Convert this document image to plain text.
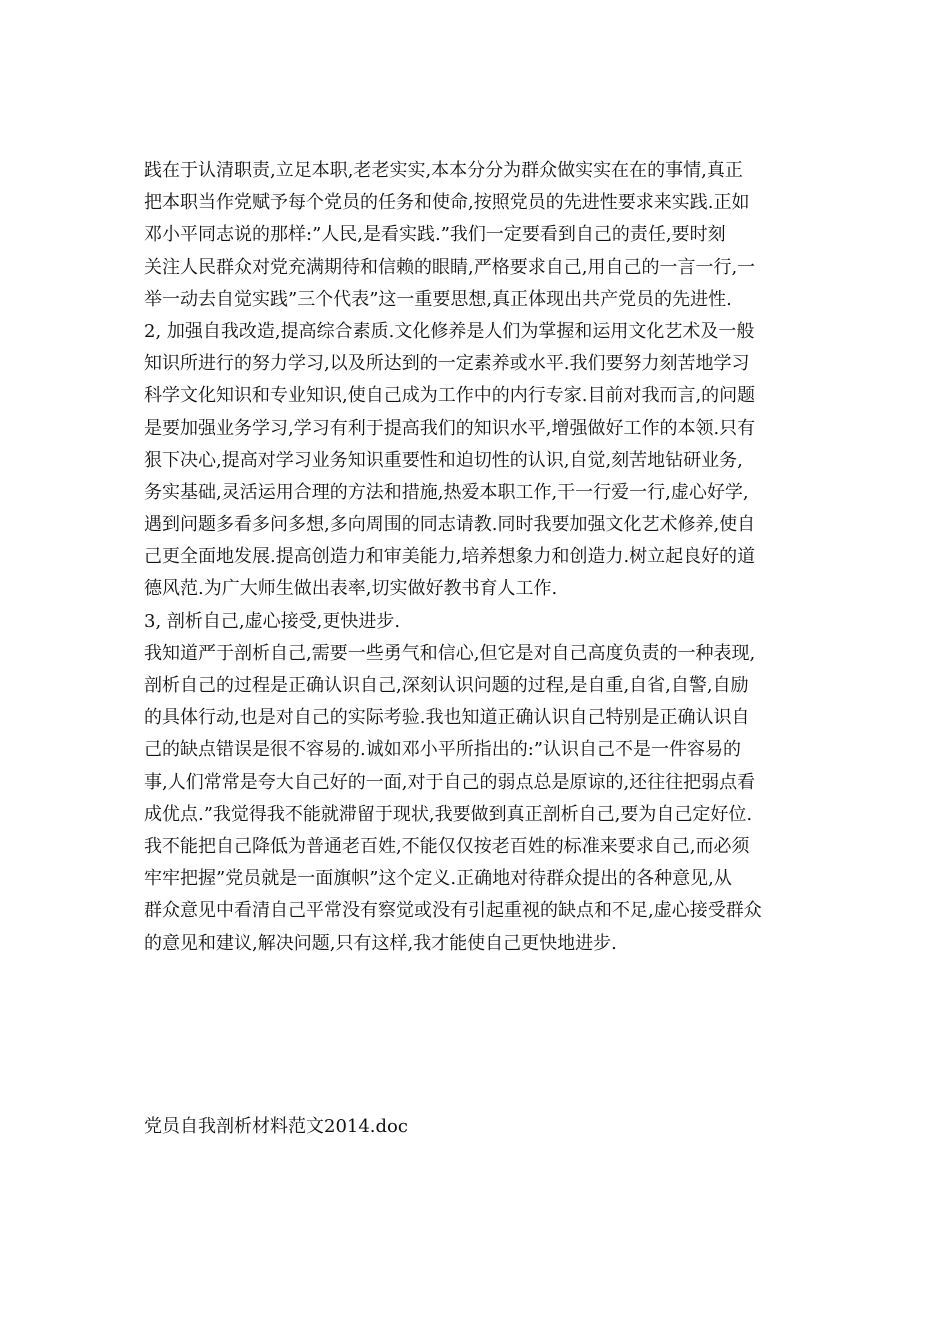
践在于认清职责,立足本职,老老实实,本本分分为群众做实实在在的事情,真正
把本职当作党赋予每个党员的任务和使命,按照党员的先进性要求来实践.正如
邓小平同志说的那样:”人民,是看实践.”我们一定要看到自己的责任,要时刻
关注人民群众对党充满期待和信赖的眼睛,严格要求自己,用自己的一言一行,一
举一动去自觉实践”三个代表”这一重要思想,真正体现出共产党员的先进性.
2, 加强自我改造,提高综合素质.文化修养是人们为掌握和运用文化艺术及一般
知识所进行的努力学习,以及所达到的一定素养或水平.我们要努力刻苦地学习
科学文化知识和专业知识,使自己成为工作中的内行专家.目前对我而言,的问题
是要加强业务学习,学习有利于提高我们的知识水平,增强做好工作的本领.只有
狠下决心,提高对学习业务知识重要性和迫切性的认识,自觉,刻苦地钻研业务,
务实基础,灵活运用合理的方法和措施,热爱本职工作,干一行爱一行,虚心好学,
遇到问题多看多问多想,多向周围的同志请教.同时我要加强文化艺术修养,使自
己更全面地发展.提高创造力和审美能力,培养想象力和创造力.树立起良好的道
德风范.为广大师生做出表率,切实做好教书育人工作.
3, 剖析自己,虚心接受,更快进步.
我知道严于剖析自己,需要一些勇气和信心,但它是对自己高度负责的一种表现,
剖析自己的过程是正确认识自己,深刻认识问题的过程,是自重,自省,自警,自励
的具体行动,也是对自己的实际考验.我也知道正确认识自己特别是正确认识自
己的缺点错误是很不容易的.诚如邓小平所指出的:”认识自己不是一件容易的
事,人们常常是夸大自己好的一面,对于自己的弱点总是原谅的,还往往把弱点看
成优点.”我觉得我不能就滞留于现状,我要做到真正剖析自己,要为自己定好位.
我不能把自己降低为普通老百姓,不能仅仅按老百姓的标准来要求自己,而必须
牢牢把握”党员就是一面旗帜”这个定义.正确地对待群众提出的各种意见,从
群众意见中看清自己平常没有察觉或没有引起重视的缺点和不足,虚心接受群众
的意见和建议,解决问题,只有这样,我才能使自己更快地进步.
党员自我剖析材料范文2014.doc
